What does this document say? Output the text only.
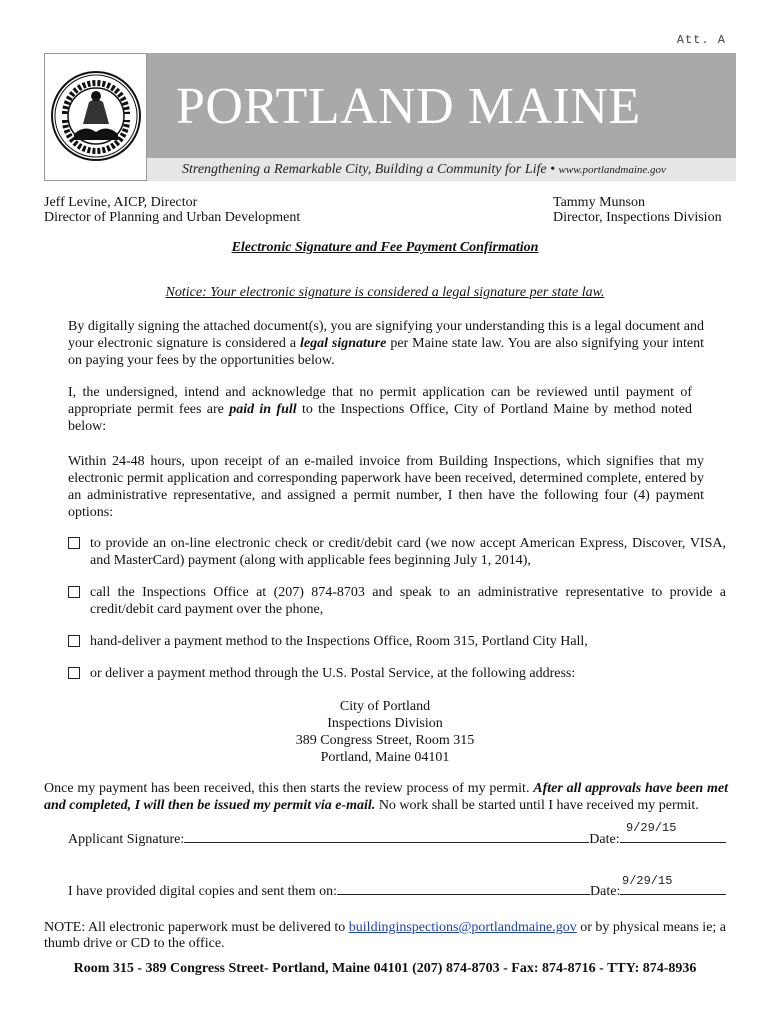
Att. A
PORTLAND MAINE
Strengthening a Remarkable City, Building a Community for Life • www.portlandmaine.gov
Jeff Levine, AICP, Director
Director of Planning and Urban Development
Tammy Munson
Director, Inspections Division
Electronic Signature and Fee Payment Confirmation
Notice: Your electronic signature is considered a legal signature per state law.
By digitally signing the attached document(s), you are signifying your understanding this is a legal document and your electronic signature is considered a legal signature per Maine state law. You are also signifying your intent on paying your fees by the opportunities below.
I, the undersigned, intend and acknowledge that no permit application can be reviewed until payment of appropriate permit fees are paid in full to the Inspections Office, City of Portland Maine by method noted below:
Within 24-48 hours, upon receipt of an e-mailed invoice from Building Inspections, which signifies that my electronic permit application and corresponding paperwork have been received, determined complete, entered by an administrative representative, and assigned a permit number, I then have the following four (4) payment options:
to provide an on-line electronic check or credit/debit card (we now accept American Express, Discover, VISA, and MasterCard) payment (along with applicable fees beginning July 1, 2014),
call the Inspections Office at (207) 874-8703 and speak to an administrative representative to provide a credit/debit card payment over the phone,
hand-deliver a payment method to the Inspections Office, Room 315, Portland City Hall,
or deliver a payment method through the U.S. Postal Service, at the following address:
City of Portland
Inspections Division
389 Congress Street, Room 315
Portland, Maine 04101
Once my payment has been received, this then starts the review process of my permit. After all approvals have been met and completed, I will then be issued my permit via e-mail. No work shall be started until I have received my permit.
9/29/15
Applicant Signature:	Date:
9/29/15
I have provided digital copies and sent them on:	Date:
NOTE: All electronic paperwork must be delivered to buildinginspections@portlandmaine.gov or by physical means ie; a thumb drive or CD to the office.
Room 315 - 389 Congress Street- Portland, Maine 04101 (207) 874-8703 - Fax: 874-8716 - TTY: 874-8936
